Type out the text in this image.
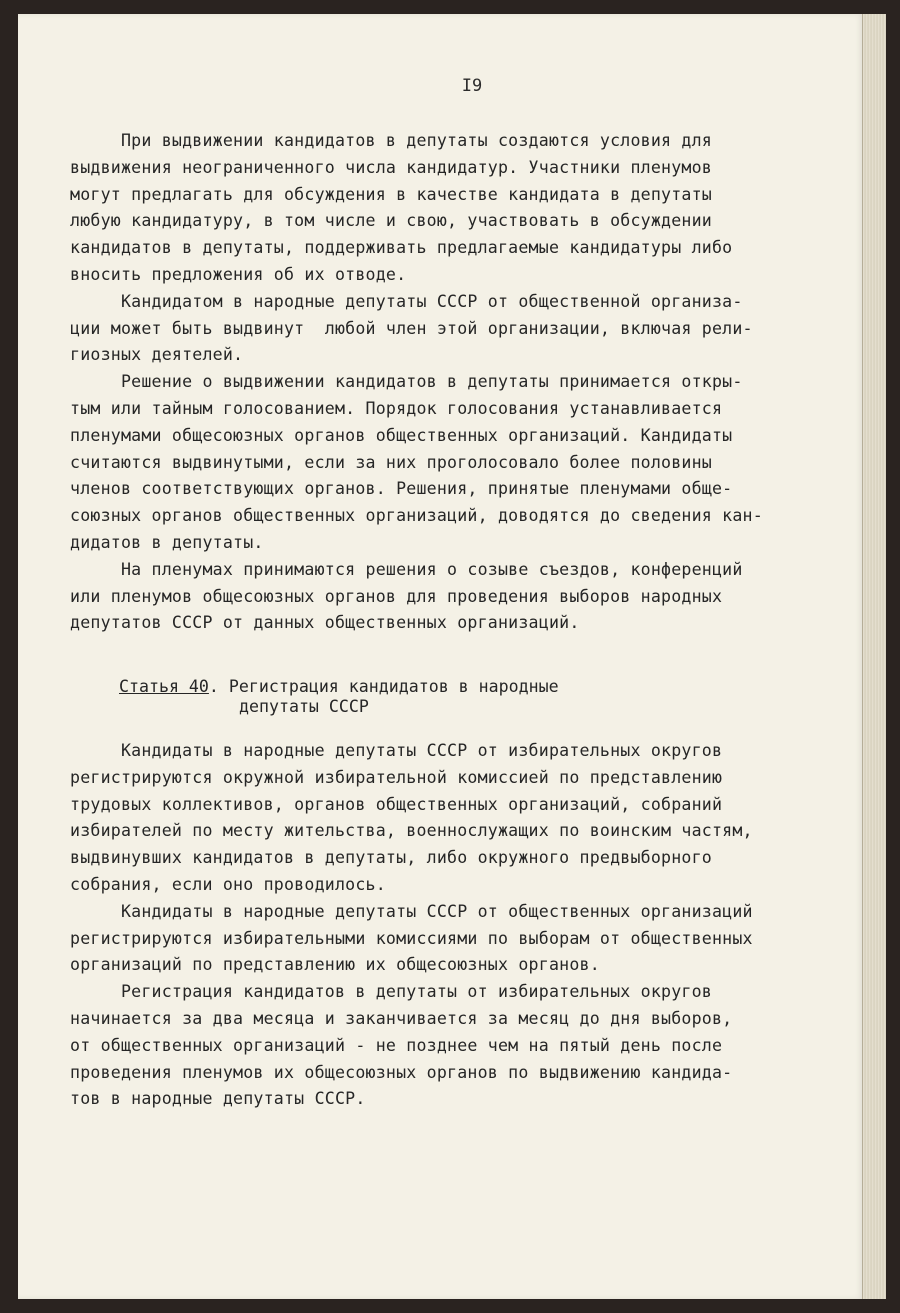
I9
При выдвижении кандидатов в депутаты создаются условия для
выдвижения неограниченного числа кандидатур. Участники пленумов
могут предлагать для обсуждения в качестве кандидата в депутаты
любую кандидатуру, в том числе и свою, участвовать в обсуждении
кандидатов в депутаты, поддерживать предлагаемые кандидатуры либо
вносить предложения об их отводе.
Кандидатом в народные депутаты СССР от общественной организа-
ции может быть выдвинут  любой член этой организации, включая рели-
гиозных деятелей.
Решение о выдвижении кандидатов в депутаты принимается откры-
тым или тайным голосованием. Порядок голосования устанавливается
пленумами общесоюзных органов общественных организаций. Кандидаты
считаются выдвинутыми, если за них проголосовало более половины
членов соответствующих органов. Решения, принятые пленумами обще-
союзных органов общественных организаций, доводятся до сведения кан-
дидатов в депутаты.
На пленумах принимаются решения о созыве съездов, конференций
или пленумов общесоюзных органов для проведения выборов народных
депутатов СССР от данных общественных организаций.
Статья 40. Регистрация кандидатов в народные
депутаты СССР
Кандидаты в народные депутаты СССР от избирательных округов
регистрируются окружной избирательной комиссией по представлению
трудовых коллективов, органов общественных организаций, собраний
избирателей по месту жительства, военнослужащих по воинским частям,
выдвинувших кандидатов в депутаты, либо окружного предвыборного
собрания, если оно проводилось.
Кандидаты в народные депутаты СССР от общественных организаций
регистрируются избирательными комиссиями по выборам от общественных
организаций по представлению их общесоюзных органов.
Регистрация кандидатов в депутаты от избирательных округов
начинается за два месяца и заканчивается за месяц до дня выборов,
от общественных организаций - не позднее чем на пятый день после
проведения пленумов их общесоюзных органов по выдвижению кандида-
тов в народные депутаты СССР.
